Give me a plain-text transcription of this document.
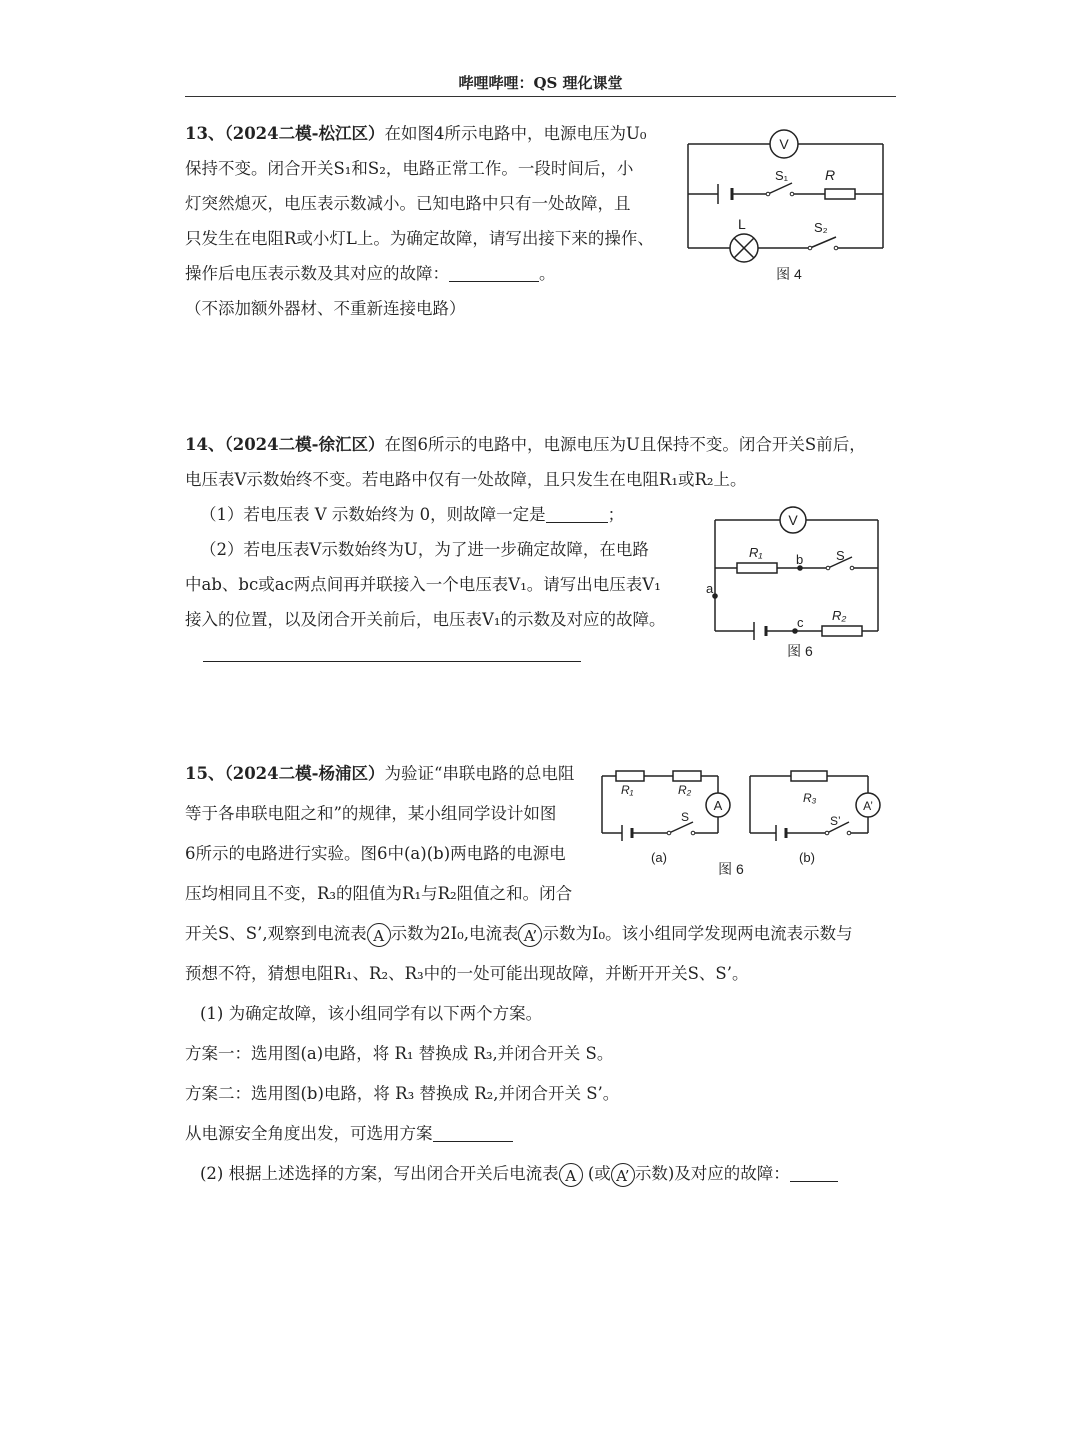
哔哩哔哩：QS 理化课堂
13、（2024二模-松江区）在如图4所示电路中，电源电压为U₀
保持不变。闭合开关S₁和S₂，电路正常工作。一段时间后，小
灯突然熄灭，电压表示数减小。已知电路中只有一处故障，且
只发生在电阻R或小灯L上。为确定故障，请写出接下来的操作、
操作后电压表示数及其对应的故障：	。
（不添加额外器材、不重新连接电路）
V
S₁	R
L	S₂
图 4
14、（2024二模-徐汇区）在图6所示的电路中，电源电压为U且保持不变。闭合开关S前后，
电压表V示数始终不变。若电路中仅有一处故障，且只发生在电阻R₁或R₂上。
（1）若电压表 V 示数始终为 0，则故障一定是	；
（2）若电压表V示数始终为U，为了进一步确定故障，在电路
中ab、bc或ac两点间再并联接入一个电压表V₁。请写出电压表V₁
接入的位置，以及闭合开关前后，电压表V₁的示数及对应的故障。
V
R₁	b	S
a
c R₂
图 6
15、（2024二模-杨浦区）为验证“串联电路的总电阻
等于各串联电阻之和”的规律，某小组同学设计如图
6所示的电路进行实验。图6中(a)(b)两电路的电源电
压均相同且不变，R₃的阻值为R₁与R₂阻值之和。闭合
开关S、S’,观察到电流表 A 示数为2I₀,电流表 A’ 示数为I₀。该小组同学发现两电流表示数与
预想不符，猜想电阻R₁、R₂、R₃中的一处可能出现故障，并断开开关S、S’。
(1) 为确定故障，该小组同学有以下两个方案。
方案一：选用图(a)电路，将 R₁ 替换成 R₃,并闭合开关 S。
方案二：选用图(b)电路，将 R₃ 替换成 R₂,并闭合开关 S’。
从电源安全角度出发，可选用方案
(2) 根据上述选择的方案，写出闭合开关后电流表 A (或 A’ 示数)及对应的故障：
R₁	R₂
A
S
(a)
R₃
A’
S’
(b)
图 6
